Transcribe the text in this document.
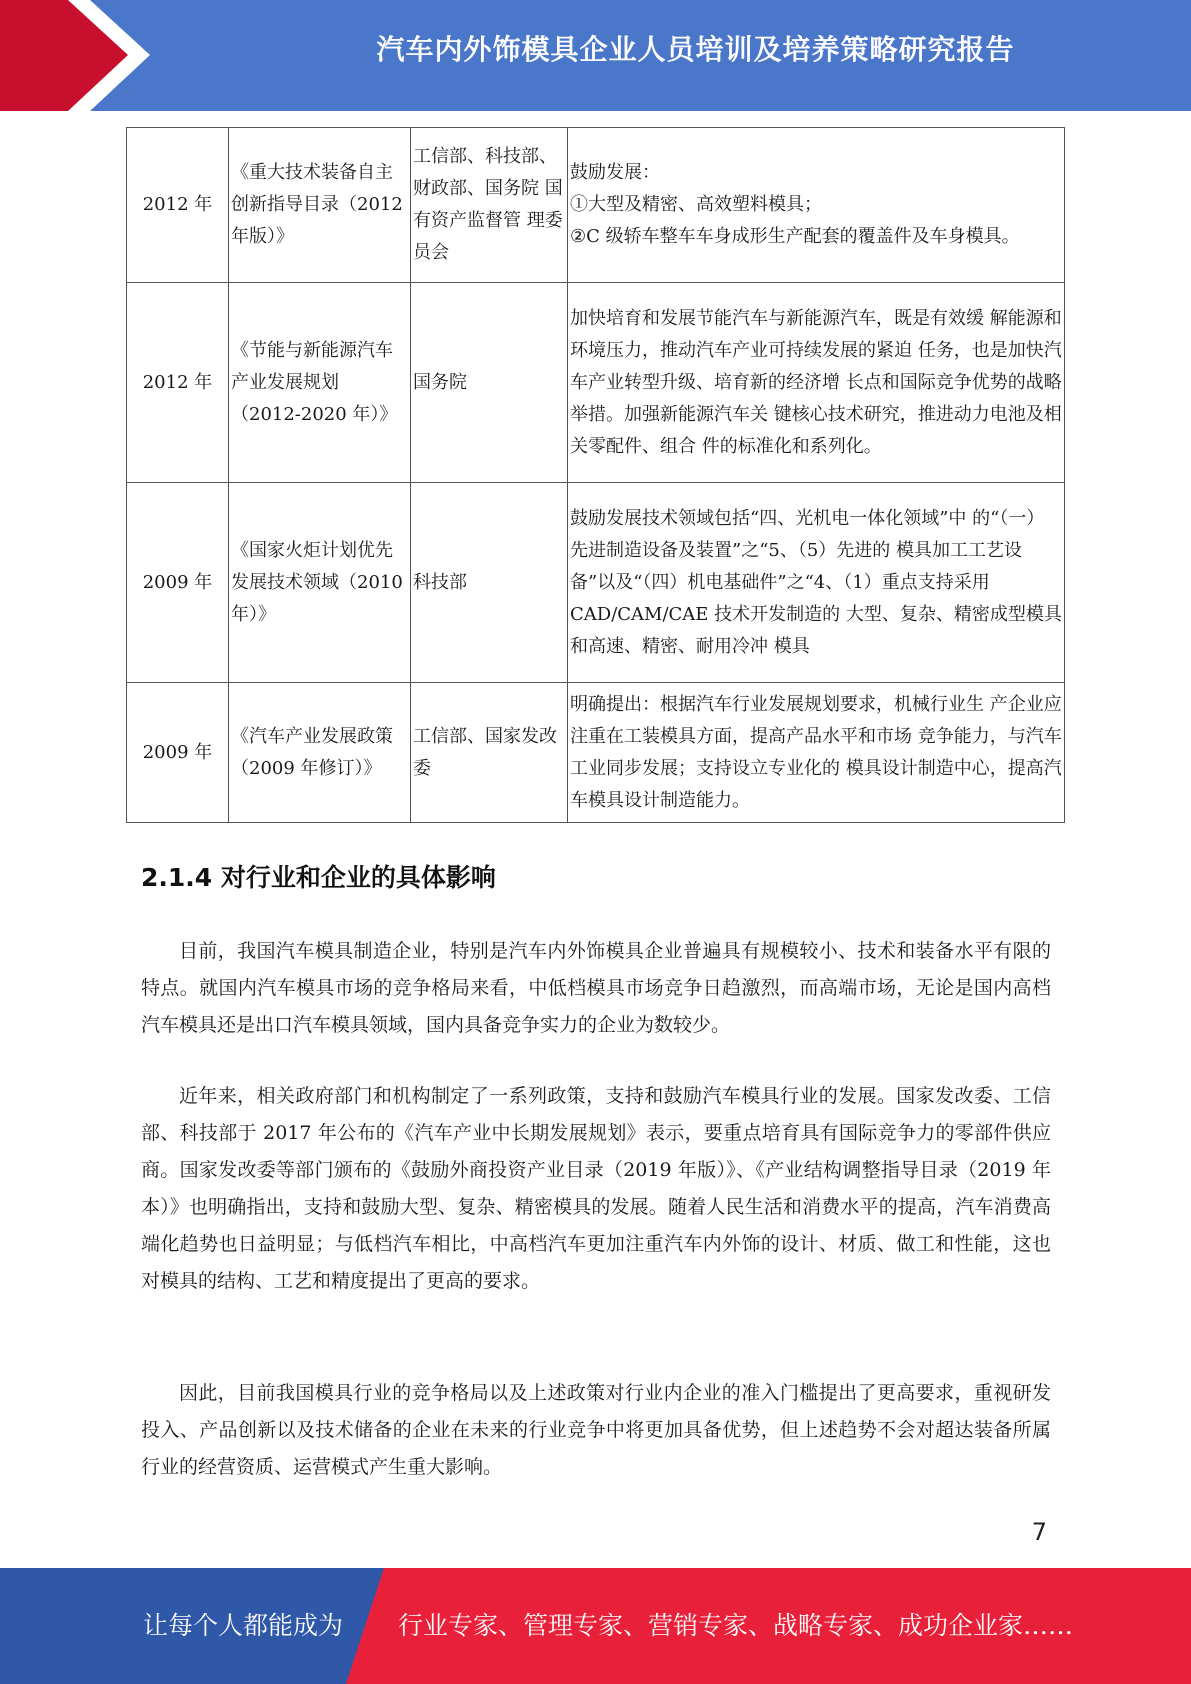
汽车内外饰模具企业人员培训及培养策略研究报告
2012 年	《重大技术装备自主创新指导目录（2012 年版）》	工信部、科技部、 财政部、国务院 国有资产监督管 理委员会	鼓励发展：
①大型及精密、高效塑料模具；
②C 级轿车整车车身成形生产配套的覆盖件及车身模具。

2012 年	《节能与新能源汽车产业发展规划（2012-2020 年）》	国务院	加快培育和发展节能汽车与新能源汽车，既是有效缓 解能源和环境压力，推动汽车产业可持续发展的紧迫 任务，也是加快汽车产业转型升级、培育新的经济增 长点和国际竞争优势的战略举措。加强新能源汽车关 键核心技术研究，推进动力电池及相关零配件、组合 件的标准化和系列化。

2009 年	《国家火炬计划优先发展技术领域（2010 年）》	科技部	鼓励发展技术领域包括“四、光机电一体化领域”中 的“（一）先进制造设备及装置”之“5、（5）先进的 模具加工工艺设备”以及“（四）机电基础件”之“4、（1）重点支持采用 CAD/CAM/CAE 技术开发制造的 大型、复杂、精密成型模具和高速、精密、耐用冷冲 模具

2009 年	《汽车产业发展政策（2009 年修订）》	工信部、国家发改委	明确提出：根据汽车行业发展规划要求，机械行业生 产企业应注重在工装模具方面，提高产品水平和市场 竞争能力，与汽车工业同步发展；支持设立专业化的 模具设计制造中心，提高汽车模具设计制造能力。
2.1.4 对行业和企业的具体影响

目前，我国汽车模具制造企业，特别是汽车内外饰模具企业普遍具有规模较小、技术和装备水平有限的特点。就国内汽车模具市场的竞争格局来看，中低档模具市场竞争日趋激烈，而高端市场，无论是国内高档汽车模具还是出口汽车模具领域，国内具备竞争实力的企业为数较少。

近年来，相关政府部门和机构制定了一系列政策，支持和鼓励汽车模具行业的发展。国家发改委、工信部、科技部于 2017 年公布的《汽车产业中长期发展规划》表示，要重点培育具有国际竞争力的零部件供应商。国家发改委等部门颁布的《鼓励外商投资产业目录（2019 年版）》、《产业结构调整指导目录（2019 年本）》也明确指出，支持和鼓励大型、复杂、精密模具的发展。随着人民生活和消费水平的提高，汽车消费高端化趋势也日益明显；与低档汽车相比，中高档汽车更加注重汽车内外饰的设计、材质、做工和性能，这也对模具的结构、工艺和精度提出了更高的要求。

因此，目前我国模具行业的竞争格局以及上述政策对行业内企业的准入门槛提出了更高要求，重视研发投入、产品创新以及技术储备的企业在未来的行业竞争中将更加具备优势，但上述趋势不会对超达装备所属行业的经营资质、运营模式产生重大影响。

7
让每个人都能成为 行业专家、管理专家、营销专家、战略专家、成功企业家……
